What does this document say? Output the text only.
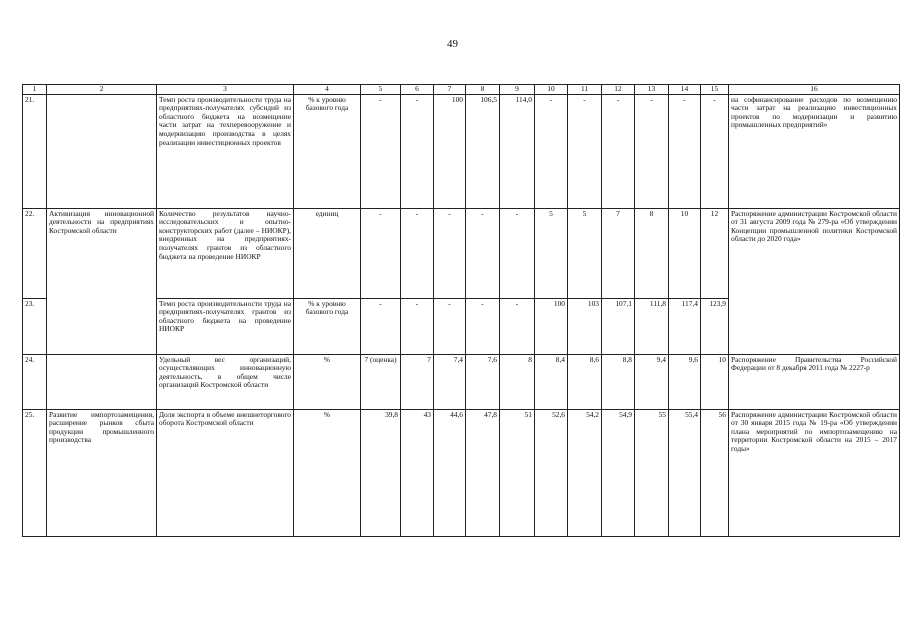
49
1	2	3	4	5	6	7	8	9	10	11	12	13	14	15	16
21.		Темп роста производительности труда на предприятиях-получателях субсидий из областного бюджета на возмещение части затрат на техперевооружение и модернизацию производства в целях реализации инвестиционных проектов	% к уровню базового года	-	-	100	106,5	114,0	-	-	-	-	-	-	на софинансирование расходов по возмещению части затрат на реализацию инвестиционных проектов по модернизации и развитию промышленных предприятий»
22.	Активизация инновационной деятельности на предприятиях Костромской области	Количество результатов научно-исследовательских и опытно-конструкторских работ (далее – НИОКР), внедренных на предприятиях-получателях грантов из областного бюджета на проведение НИОКР	единиц	-	-	-	-	-	5	5	7	8	10	12	Распоряжение администрации Костромской области от 31 августа 2009 года № 279-ра «Об утверждении Концепции промышленной политики Костромской области до 2020 года»
23.		Темп роста производительности труда на предприятиях-получателях грантов из областного бюджета на проведение НИОКР	% к уровню базового года	-	-	-	-	-	100	103	107,1	111,8	117,4	123,9	
24.		Удельный вес организаций, осуществляющих инновационную деятельность, в общем числе организаций Костромской области	%	7 (оценка)	7	7,4	7,6	8	8,4	8,6	8,8	9,4	9,6	10	Распоряжение Правительства Российской Федерации от 8 декабря 2011 года № 2227-р
25.	Развитие импортозамещения, расширение рынков сбыта продукции промышленного производства	Доля экспорта в объеме внешнеторгового оборота Костромской области	%	39,8	43	44,6	47,8	51	52,6	54,2	54,9	55	55,4	56	Распоряжение администрации Костромской области от 30 января 2015 года № 19-ра «Об утверждении плана мероприятий по импортозамещению на территории Костромской области на 2015 – 2017 годы»
